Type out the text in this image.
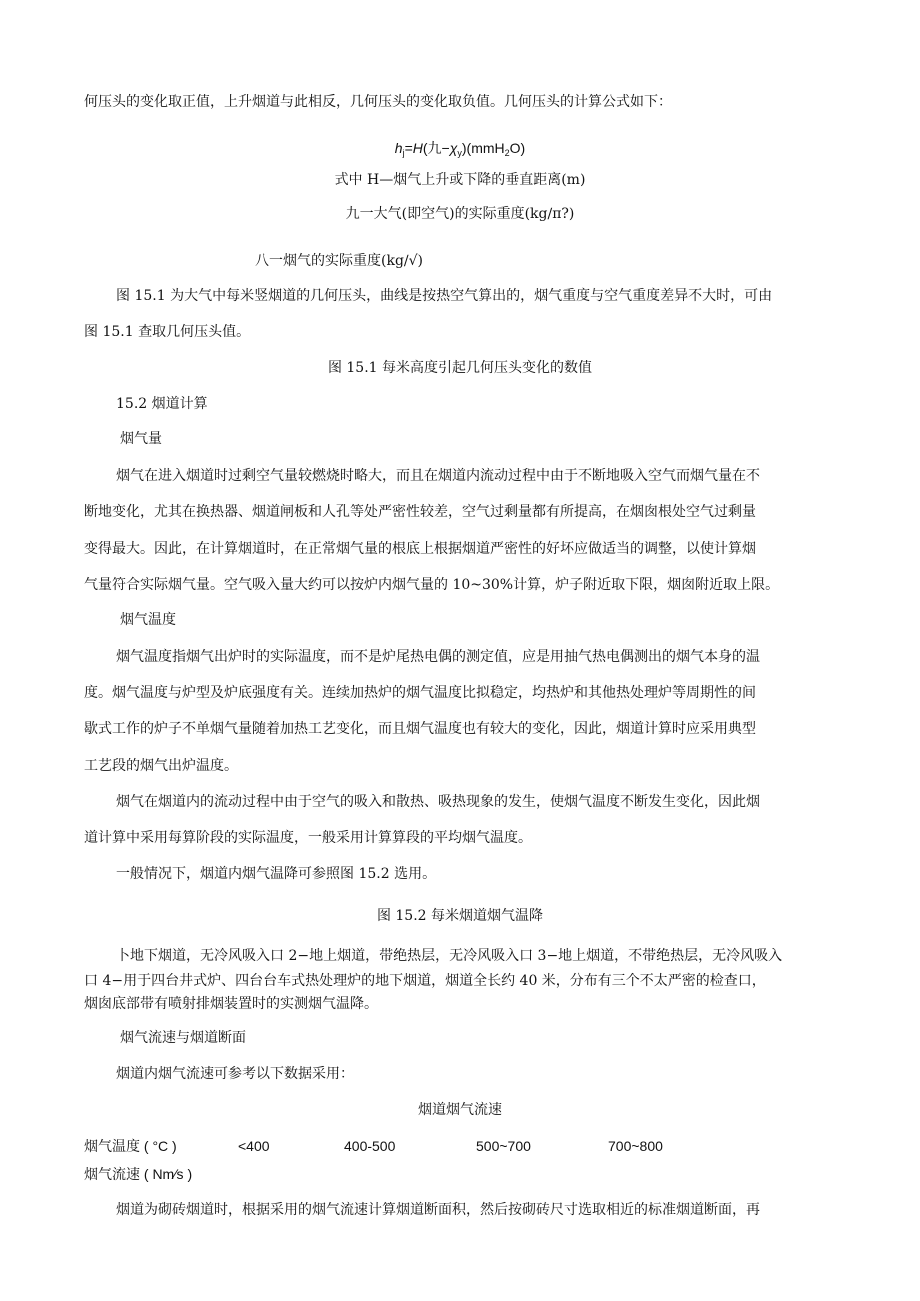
何压头的变化取正值，上升烟道与此相反，几何压头的变化取负值。几何压头的计算公式如下：
$h_j=H$(九$-\chi_y)(mmH_2O)$
式中 H—烟气上升或下降的垂直距离(m)
九一大气(即空气)的实际重度(kg∕π?)
八一烟气的实际重度(kg∕√)
图 15.1 为大气中每米竖烟道的几何压头，曲线是按热空气算出的，烟气重度与空气重度差异不大时，可由
图 15.1 查取几何压头值。
图 15.1 每米高度引起几何压头变化的数值
15.2 烟道计算
烟气量
烟气在进入烟道时过剩空气量较燃烧时略大，而且在烟道内流动过程中由于不断地吸入空气而烟气量在不
断地变化，尤其在换热器、烟道闸板和人孔等处严密性较差，空气过剩量都有所提高，在烟囱根处空气过剩量
变得最大。因此，在计算烟道时，在正常烟气量的根底上根据烟道严密性的好坏应做适当的调整，以使计算烟
气量符合实际烟气量。空气吸入量大约可以按炉内烟气量的 10~30%计算，炉子附近取下限，烟囱附近取上限。
烟气温度
烟气温度指烟气出炉时的实际温度，而不是炉尾热电偶的测定值，应是用抽气热电偶测出的烟气本身的温
度。烟气温度与炉型及炉底强度有关。连续加热炉的烟气温度比拟稳定，均热炉和其他热处理炉等周期性的间
歇式工作的炉子不单烟气量随着加热工艺变化，而且烟气温度也有较大的变化，因此，烟道计算时应采用典型
工艺段的烟气出炉温度。
烟气在烟道内的流动过程中由于空气的吸入和散热、吸热现象的发生，使烟气温度不断发生变化，因此烟
道计算中采用每算阶段的实际温度，一般采用计算算段的平均烟气温度。
一般情况下，烟道内烟气温降可参照图 15.2 选用。
图 15.2 每米烟道烟气温降
卜地下烟道，无冷风吸入口 2−地上烟道，带绝热层，无冷风吸入口 3−地上烟道，不带绝热层，无冷风吸入
口 4−用于四台井式炉、四台台车式热处理炉的地下烟道，烟道全长约 40 米，分布有三个不太严密的检查口，
烟囱底部带有喷射排烟装置时的实测烟气温降。
烟气流速与烟道断面
烟道内烟气流速可参考以下数据采用：
烟道烟气流速
烟气温度 ( °C )	<400	400-500	500~700	700~800
烟气流速 ( Nm∕s )
烟道为砌砖烟道时，根据采用的烟气流速计算烟道断面积，然后按砌砖尺寸选取相近的标准烟道断面，再
